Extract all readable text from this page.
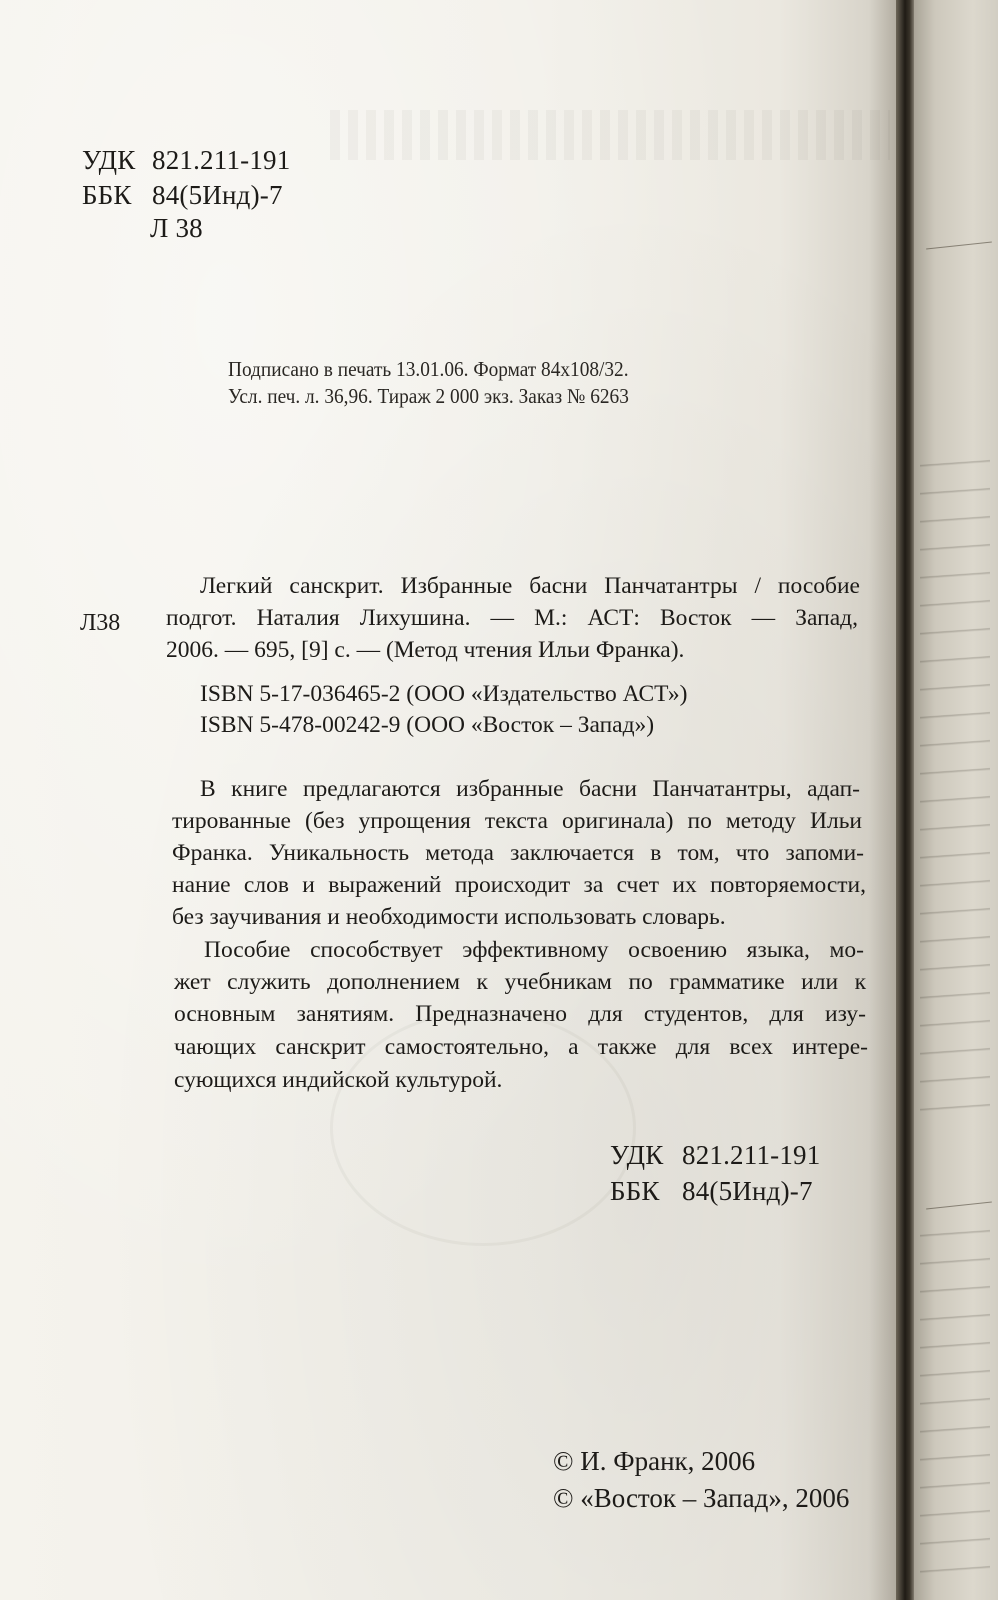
УДК 821.211-191
ББК 84(5Инд)-7
Л 38
Подписано в печать 13.01.06. Формат 84x108/32.
Усл. печ. л. 36,96. Тираж 2 000 экз. Заказ № 6263
Л38
Легкий санскрит. Избранные басни Панчатантры / пособие
подгот. Наталия Лихушина. — М.: АСТ: Восток — Запад,
2006. — 695, [9] с. — (Метод чтения Ильи Франка).
ISBN 5-17-036465-2 (ООО «Издательство АСТ»)
ISBN 5-478-00242-9 (ООО «Восток – Запад»)
В книге предлагаются избранные басни Панчатантры, адап-
тированные (без упрощения текста оригинала) по методу Ильи
Франка. Уникальность метода заключается в том, что запоми-
нание слов и выражений происходит за счет их повторяемости,
без заучивания и необходимости использовать словарь.
Пособие способствует эффективному освоению языка, мо-
жет служить дополнением к учебникам по грамматике или к
основным занятиям. Предназначено для студентов, для изу-
чающих санскрит самостоятельно, а также для всех интере-
сующихся индийской культурой.
УДК 821.211-191
ББК 84(5Инд)-7
© И. Франк, 2006
© «Восток – Запад», 2006
